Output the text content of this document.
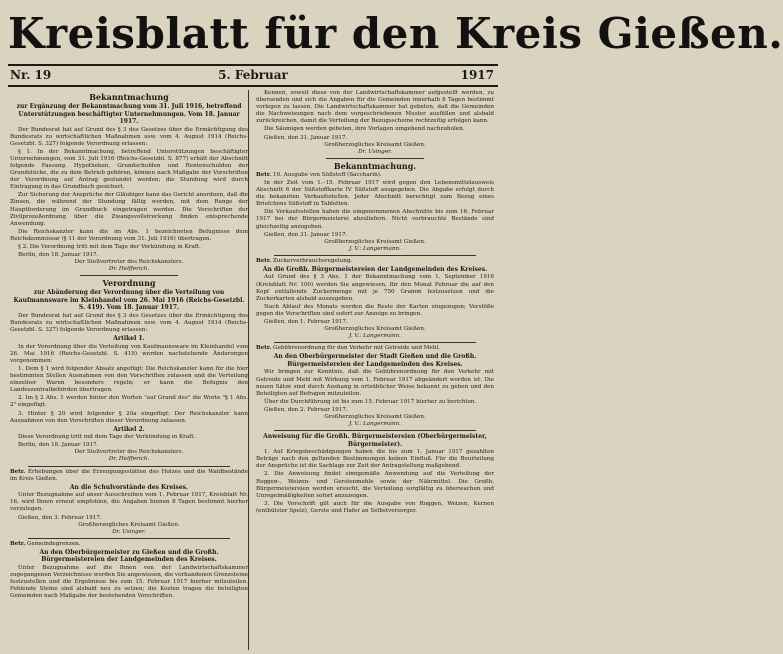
Kreisblatt für den Kreis Gießen.
Nr. 19	5. Februar	1917
Bekanntmachung
zur Ergänzung der Bekanntmachung vom 31. Juli 1916, betreffend Unterstützungen beschäftigter Unternehmungen. Vom 18. Januar 1917.

Der Bundesrat hat auf Grund des § 3 des Gesetzes über die Ermächtigung des Bundesrats zu wirtschaftlichen Maßnahmen usw. vom 4. August 1914 (Reichs-Gesetzbl. S. 327) folgende Verordnung erlassen:

§ 1. In der Bekanntmachung, betreffend Unterstützungen beschäftigter Unternehmungen, vom 31. Juli 1916 (Reichs-Gesetzbl. S. 877) erhält der Abschnitt folgende Fassung. Hypotheken, Grundschulden und Rentenschulden der Grundstücke, die zu dem Betrieb gehören, können nach Maßgabe der Vorschriften der Verordnung auf Antrag gestundet werden; die Stundung wird durch Eintragung in das Grundbuch gesichert.

Zur Sicherung der Ansprüche der Gläubiger kann das Gericht anordnen, daß die Zinsen, die während der Stundung fällig werden, mit dem Range der Hauptforderung im Grundbuch eingetragen werden. Die Vorschriften der Zivilprozeßordnung über die Zwangsvollstreckung finden entsprechende Anwendung.

Die Reichskanzler kann die im Abs. 1 bezeichneten Befugnisse dem Reichskommissar (§ 11 der Verordnung vom 31. Juli 1916) übertragen.

§ 2. Die Verordnung tritt mit dem Tage der Verkündung in Kraft.

Berlin, den 18. Januar 1917.

Der Stellvertreter des Reichskanzlers.

Dr. Helfferich.

Verordnung
zur Abänderung der Verordnung über die Verteilung von Kaufmannsware im Kleinhandel vom 26. Mai 1916 (Reichs-Gesetzbl. S. 419). Vom 18. Januar 1917.

Der Bundesrat hat auf Grund des § 3 des Gesetzes über die Ermächtigung des Bundesrats zu wirtschaftlichen Maßnahmen usw. vom 4. August 1914 (Reichs-Gesetzbl. S. 327) folgende Verordnung erlassen:

Artikel 1.

In der Verordnung über die Verteilung von Kaufmannsware im Kleinhandel vom 26. Mai 1916 (Reichs-Gesetzbl. S. 419) werden nachstehende Änderungen vorgenommen:

1. Dem § 1 wird folgender Absatz angefügt: Die Reichskanzler kann für die hier bestimmten Stellen Ausnahmen von den Vorschriften zulassen und die Verteilung einzelner Waren besonders regeln; er kann die Befugnis den Landeszentralbehörden übertragen.

2. Im § 2 Abs. 1 werden hinter den Worten "auf Grund des" die Worte "§ 1 Abs. 2" eingefügt.

3. Hinter § 20 wird folgender § 20a eingefügt: Der Reichskanzler kann Ausnahmen von den Vorschriften dieser Verordnung zulassen.

Artikel 2.

Diese Verordnung tritt mit dem Tage der Verkündung in Kraft.

Berlin, den 18. Januar 1917.

Der Stellvertreter des Reichskanzlers.

Dr. Helfferich.

Betr. Erhebungen über die Erzeugungsstätten des Holzes und die Waldbestände im Kreis Gießen.

An die Schulvorstände des Kreises.

Unter Bezugnahme auf unser Ausschreiben vom 1. Februar 1917, Kreisblatt Nr. 16, wird Ihnen erneut empfohlen, die Angaben binnen 8 Tagen bestimmt hierher vorzulegen.

Gießen, den 3. Februar 1917.

Großherzogliches Kreisamt Gießen.

Dr. Usinger.

Betr. Gemeindegrenzen.

An den Oberbürgermeister zu Gießen und die Großh. Bürgermeistereien der Landgemeinden des Kreises.

Unter Bezugnahme auf die Ihnen von der Landwirtschaftskammer zugegangenen Verzeichnisse werden Sie angewiesen, die vorhandenen Grenzsteine festzustellen und die Ergebnisse bis zum 15. Februar 1917 hierher mitzuteilen. Fehlende Steine sind alsbald neu zu setzen; die Kosten tragen die beteiligten Gemeinden nach Maßgabe der bestehenden Vorschriften.

Kennen, soweit diese von der Landwirtschaftskammer aufgestellt werden, zu übersenden und sich die Angaben für die Gemeinden innerhalb 8 Tagen bestimmt vorlegen zu lassen. Die Landwirtschaftskammer hat gebeten, daß die Gemeinden die Nachweisungen nach dem vorgeschriebenen Muster ausfüllen und alsbald zurückreichen, damit die Verteilung der Bezugsscheine rechtzeitig erfolgen kann.

Die Säumigen werden gebeten, ihre Vorlagen umgehend nachzuholen.

Gießen, den 31. Januar 1917.

Großherzogliches Kreisamt Gießen.

Dr. Usinger.

Bekanntmachung.

Betr. 10. Ausgabe von Süßstoff (Saccharin).

In der Zeit vom 1.–15. Februar 1917 wird gegen den Lebensmittelausweis Abschnitt 6 der Süßstoffkarte IV Süßstoff ausgegeben. Die Abgabe erfolgt durch die bekannten Verkaufsstellen. Jeder Abschnitt berechtigt zum Bezug eines Briefchens Süßstoff in Tabletten.

Die Verkaufsstellen haben die eingenommenen Abschnitte bis zum 16. Februar 1917 bei der Bürgermeisterei abzuliefern. Nicht verbrauchte Bestände sind gleichzeitig anzugeben.

Gießen, den 31. Januar 1917.

Großherzogliches Kreisamt Gießen.

J. V.: Langermann.

Betr. Zuckerverbrauchsregelung.

An die Großh. Bürgermeistereien der Landgemeinden des Kreises.

Auf Grund des § 3 Abs. 1 der Bekanntmachung vom 1. September 1916 (Kreisblatt Nr. 100) werden Sie angewiesen, für den Monat Februar die auf den Kopf entfallende Zuckermenge mit je 750 Gramm festzusetzen und die Zuckerkarten alsbald auszugeben.

Nach Ablauf des Monats werden die Reste der Karten eingezogen; Verstöße gegen die Vorschriften sind sofort zur Anzeige zu bringen.

Gießen, den 1. Februar 1917.

Großherzogliches Kreisamt Gießen.

J. V.: Langermann.

Betr. Gebührenordnung für den Verkehr mit Getreide und Mehl.

An den Oberbürgermeister der Stadt Gießen und die Großh. Bürgermeistereien der Landgemeinden des Kreises.

Wir bringen zur Kenntnis, daß die Gebührenordnung für den Verkehr mit Getreide und Mehl mit Wirkung vom 1. Februar 1917 abgeändert worden ist. Die neuen Sätze sind durch Aushang in ortsüblicher Weise bekannt zu geben und den Beteiligten auf Befragen mitzuteilen.

Über die Durchführung ist bis zum 15. Februar 1917 hierher zu berichten.

Gießen, den 2. Februar 1917.

Großherzogliches Kreisamt Gießen.

J. V.: Langermann.

Anweisung für die Großh. Bürgermeistereien (Oberbürgermeister, Bürgermeister).

1. Auf Kriegsbeschädigungen haben die bis zum 1. Januar 1917 gezahlten Beträge nach den geltenden Bestimmungen keinen Einfluß. Für die Beurteilung der Ansprüche ist die Sachlage zur Zeit der Antragstellung maßgebend.

2. Die Anweisung findet sinngemäße Anwendung auf die Verteilung der Roggen-, Weizen- und Gerstenmehle sowie der Nährmittel. Die Großh. Bürgermeistereien werden ersucht, die Verteilung sorgfältig zu überwachen und Unregelmäßigkeiten sofort anzuzeigen.

3. Die Vorschrift gilt auch für die Ausgabe von Roggen, Weizen, Kernen (enthülster Spelz), Gerste und Hafer an Selbstversorger.
